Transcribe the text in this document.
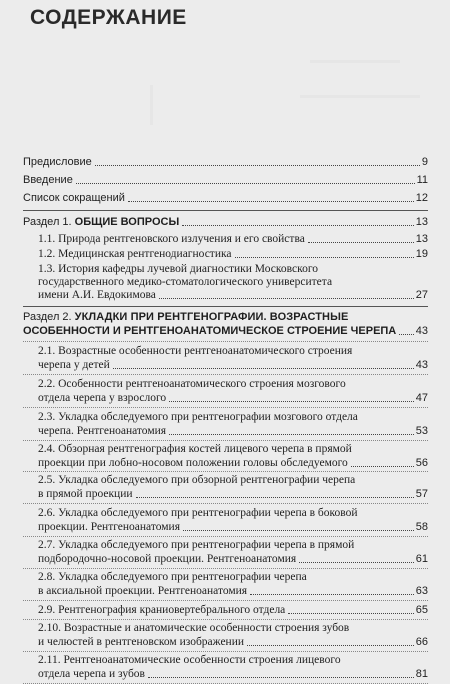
СОДЕРЖАНИЕ
Предисловие	9
Введение	11
Список сокращений	12
Раздел 1. ОБЩИЕ ВОПРОСЫ	13
1.1. Природа рентгеновского излучения и его свойства	13
1.2. Медицинская рентгенодиагностика	19
1.3. История кафедры лучевой диагностики Московского
государственного медико-стоматологического университета
имени А.И. Евдокимова	27
Раздел 2. УКЛАДКИ ПРИ РЕНТГЕНОГРАФИИ. ВОЗРАСТНЫЕ
ОСОБЕННОСТИ И РЕНТГЕНОАНАТОМИЧЕСКОЕ СТРОЕНИЕ ЧЕРЕПА 43
2.1. Возрастные особенности рентгеноанатомического строения
черепа у детей	43
2.2. Особенности рентгеноанатомического строения мозгового
отдела черепа у взрослого	47
2.3. Укладка обследуемого при рентгенографии мозгового отдела
черепа. Рентгеноанатомия	53
2.4. Обзорная рентгенография костей лицевого черепа в прямой
проекции при лобно-носовом положении головы обследуемого	56
2.5. Укладка обследуемого при обзорной рентгенографии черепа
в прямой проекции	57
2.6. Укладка обследуемого при рентгенографии черепа в боковой
проекции. Рентгеноанатомия	58
2.7. Укладка обследуемого при рентгенографии черепа в прямой
подбородочно-носовой проекции. Рентгеноанатомия	61
2.8. Укладка обследуемого при рентгенографии черепа
в аксиальной проекции. Рентгеноанатомия	63
2.9. Рентгенография краниовертебрального отдела	65
2.10. Возрастные и анатомические особенности строения зубов
и челюстей в рентгеновском изображении	66
2.11. Рентгеноанатомические особенности строения лицевого
отдела черепа и зубов	81
